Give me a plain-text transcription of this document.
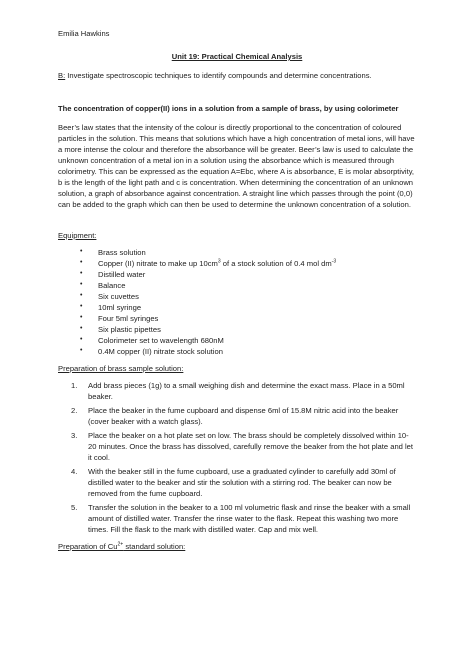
Emilia Hawkins

Unit 19: Practical Chemical Analysis

B: Investigate spectroscopic techniques to identify compounds and determine concentrations.

The concentration of copper(II) ions in a solution from a sample of brass, by using colorimeter

Beer’s law states that the intensity of the colour is directly proportional to the concentration of coloured particles in the solution. This means that solutions which have a high concentration of metal ions, will have a more intense the colour and therefore the absorbance will be greater. Beer’s law is used to calculate the unknown concentration of a metal ion in a solution using the absorbance which is measured through colorimetry. This can be expressed as the equation A=Ebc, where A is absorbance, E is molar absorptivity, b is the length of the light path and c is concentration. When determining the concentration of an unknown solution, a graph of absorbance against concentration. A straight line which passes through the point (0,0) can be added to the graph which can then be used to determine the unknown concentration of a solution.

Equipment:

• Brass solution
• Copper (II) nitrate to make up $10cm^3$ of a stock solution of 0.4 mol $dm^{-3}$
• Distilled water
• Balance
• Six cuvettes
• 10ml syringe
• Four 5ml syringes
• Six plastic pipettes
• Colorimeter set to wavelength 680nM
• 0.4M copper (II) nitrate stock solution

Preparation of brass sample solution:

1. Add brass pieces (1g) to a small weighing dish and determine the exact mass. Place in a 50ml beaker.
2. Place the beaker in the fume cupboard and dispense 6ml of 15.8M nitric acid into the beaker (cover beaker with a watch glass).
3. Place the beaker on a hot plate set on low. The brass should be completely dissolved within 10-20 minutes. Once the brass has dissolved, carefully remove the beaker from the hot plate and let it cool.
4. With the beaker still in the fume cupboard, use a graduated cylinder to carefully add 30ml of distilled water to the beaker and stir the solution with a stirring rod. The beaker can now be removed from the fume cupboard.
5. Transfer the solution in the beaker to a 100 ml volumetric flask and rinse the beaker with a small amount of distilled water. Transfer the rinse water to the flask. Repeat this washing two more times. Fill the flask to the mark with distilled water. Cap and mix well.

Preparation of $Cu^{2+}$ standard solution:
